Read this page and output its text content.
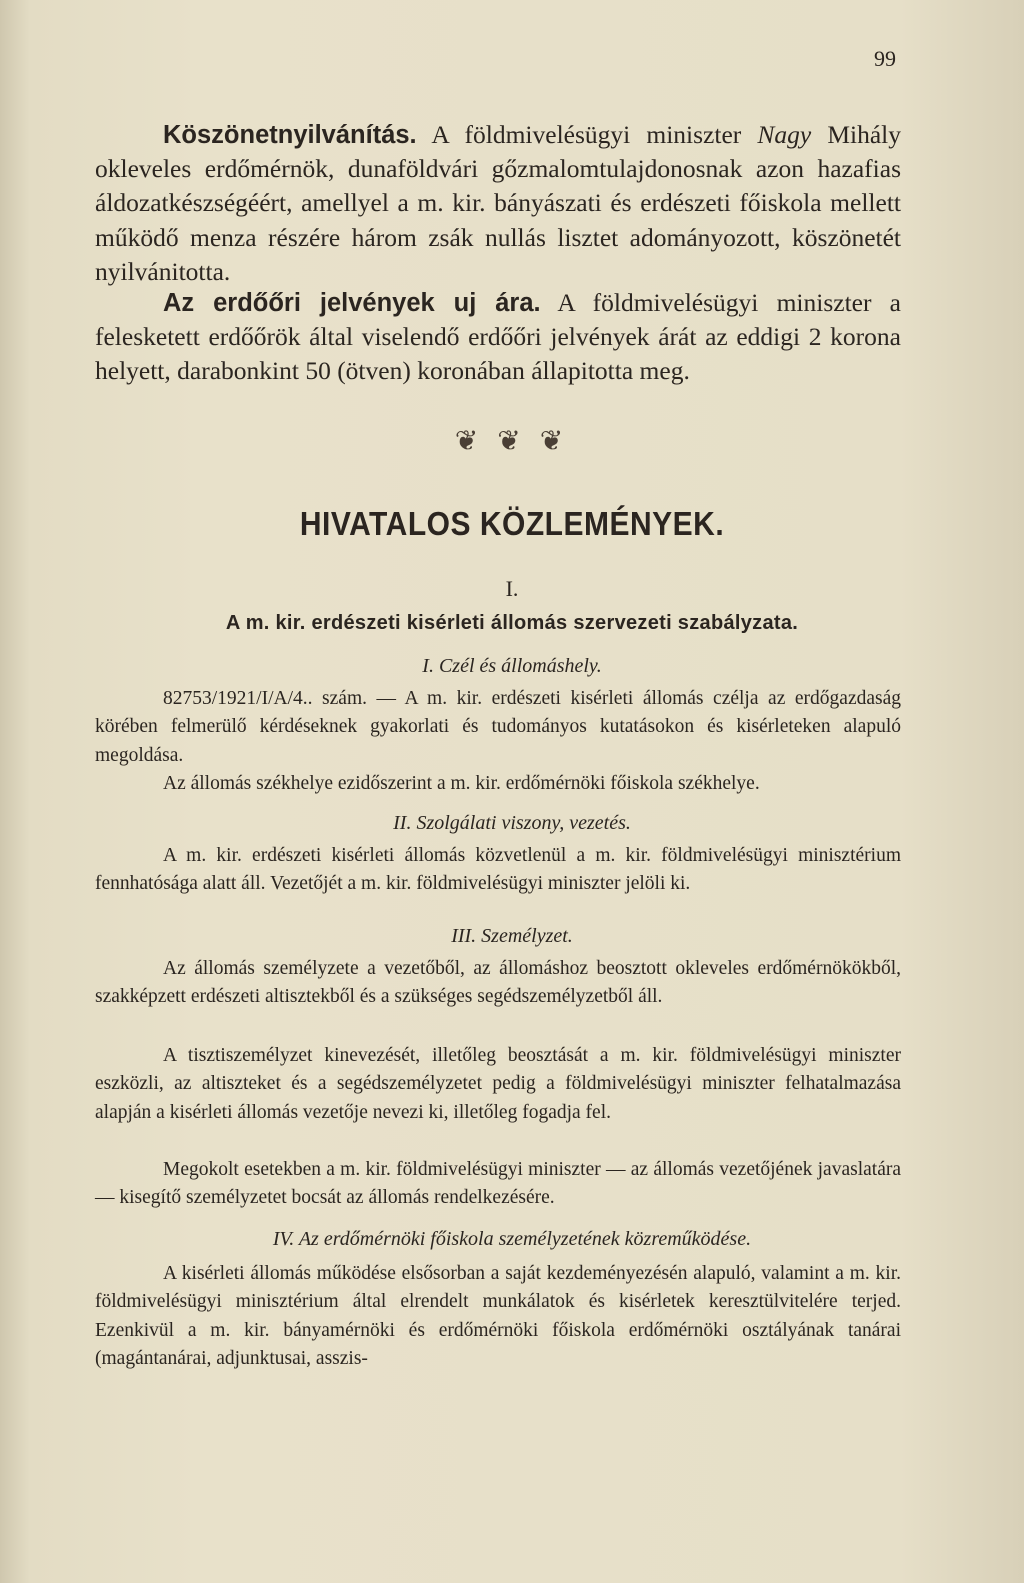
99

Köszönetnyilvánítás. A földmivelésügyi miniszter Nagy Mihály okleveles erdőmérnök, dunaföldvári gőzmalomtulajdonosnak azon hazafias áldozatkészségéért, amellyel a m. kir. bányászati és erdészeti főiskola mellett működő menza részére három zsák nullás lisztet adományozott, köszönetét nyilvánitotta.

Az erdőőri jelvények uj ára. A földmivelésügyi miniszter a felesketett erdőőrök által viselendő erdőőri jelvények árát az eddigi 2 korona helyett, darabonkint 50 (ötven) koronában állapitotta meg.

❦ ❦ ❦
HIVATALOS KÖZLEMÉNYEK.
I.
A m. kir. erdészeti kisérleti állomás szervezeti szabályzata.
I. Czél és állomáshely.

82753/1921/I/A/4.. szám. — A m. kir. erdészeti kisérleti állomás czélja az erdőgazdaság körében felmerülő kérdéseknek gyakorlati és tudományos kutatásokon és kisérleteken alapuló megoldása.

Az állomás székhelye ezidőszerint a m. kir. erdőmérnöki főiskola székhelye.

II. Szolgálati viszony, vezetés.

A m. kir. erdészeti kisérleti állomás közvetlenül a m. kir. földmivelésügyi minisztérium fennhatósága alatt áll. Vezetőjét a m. kir. földmivelésügyi miniszter jelöli ki.

III. Személyzet.

Az állomás személyzete a vezetőből, az állomáshoz beosztott okleveles erdőmérnökökből, szakképzett erdészeti altisztekből és a szükséges segédszemélyzetből áll.

A tisztiszemélyzet kinevezését, illetőleg beosztását a m. kir. földmivelésügyi miniszter eszközli, az altiszteket és a segédszemélyzetet pedig a földmivelésügyi miniszter felhatalmazása alapján a kisérleti állomás vezetője nevezi ki, illetőleg fogadja fel.

Megokolt esetekben a m. kir. földmivelésügyi miniszter — az állomás vezetőjének javaslatára — kisegítő személyzetet bocsát az állomás rendelkezésére.

IV. Az erdőmérnöki főiskola személyzetének közreműködése.

A kisérleti állomás működése elsősorban a saját kezdeményezésén alapuló, valamint a m. kir. földmivelésügyi minisztérium által elrendelt munkálatok és kisérletek keresztülvitelére terjed. Ezenkivül a m. kir. bányamérnöki és erdőmérnöki főiskola erdőmérnöki osztályának tanárai (magántanárai, adjunktusai, asszis-
